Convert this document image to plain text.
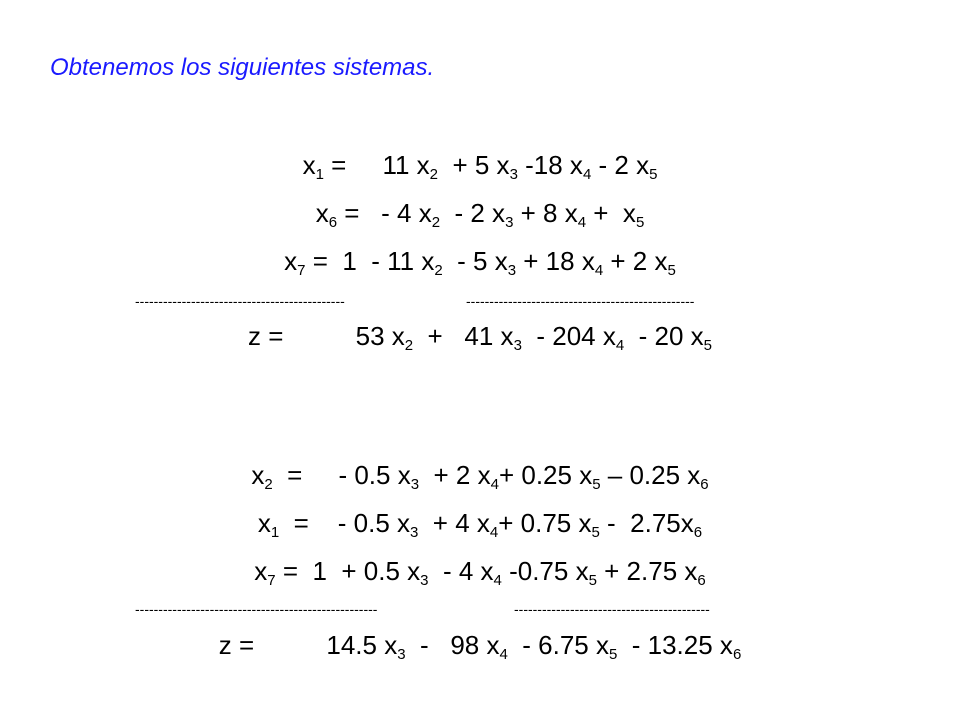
Obtenemos los siguientes sistemas.
$x_1$ =     11 $x_2 + 5$ $x_3$ -18 $x_4 - 2$ $x_5$
$x_6$ =   - 4 $x_2 - 2$ $x_3 + 8$ $x_4 + x_5$
$x_7 = 1 - 11$ $x_2 - 5$ $x_3 + 18$ $x_4 + 2$ $x_5$
---------------------------------------------	-------------------------------------------------
z =          53 $x_2 + 41$ $x_3 - 204$ $x_4 - 20$ $x_5$
$x_2$  =     - 0.5 $x_3 + 2$ $x_4+ 0.25$ $x_5 - 0.25$ $x_6$
$x_1$  =    - 0.5 $x_3 + 4$ $x_4+ 0.75$ $x_5 - 2.75x_6$
$x_7 = 1 + 0.5$ $x_3 - 4$ $x_4$ -0.75 $x_5 + 2.75$ $x_6$
----------------------------------------------------	------------------------------------------
z =          14.5 $x_3 - 98$ $x_4 - 6.75$ $x_5 - 13.25$ $x_6$
